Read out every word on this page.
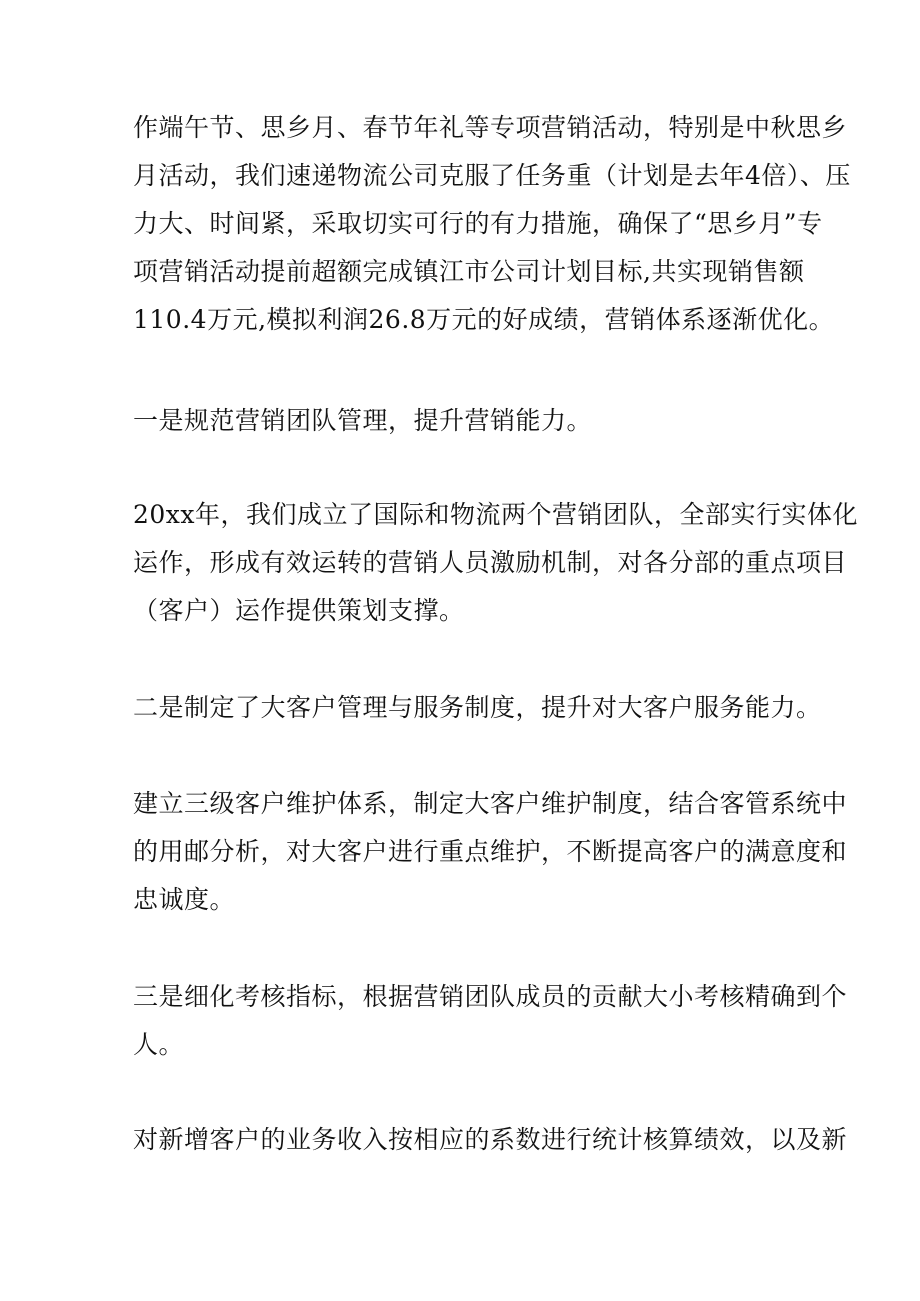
作端午节、思乡月、春节年礼等专项营销活动，特别是中秋思乡
月活动，我们速递物流公司克服了任务重（计划是去年4倍）、压
力大、时间紧，采取切实可行的有力措施，确保了“思乡月”专
项营销活动提前超额完成镇江市公司计划目标,共实现销售额
110.4万元,模拟利润26.8万元的好成绩，营销体系逐渐优化。

一是规范营销团队管理，提升营销能力。

20xx年，我们成立了国际和物流两个营销团队，全部实行实体化
运作，形成有效运转的营销人员激励机制，对各分部的重点项目
（客户）运作提供策划支撑。

二是制定了大客户管理与服务制度，提升对大客户服务能力。

建立三级客户维护体系，制定大客户维护制度，结合客管系统中
的用邮分析，对大客户进行重点维护，不断提高客户的满意度和
忠诚度。

三是细化考核指标，根据营销团队成员的贡献大小考核精确到个
人。

对新增客户的业务收入按相应的系数进行统计核算绩效，以及新
